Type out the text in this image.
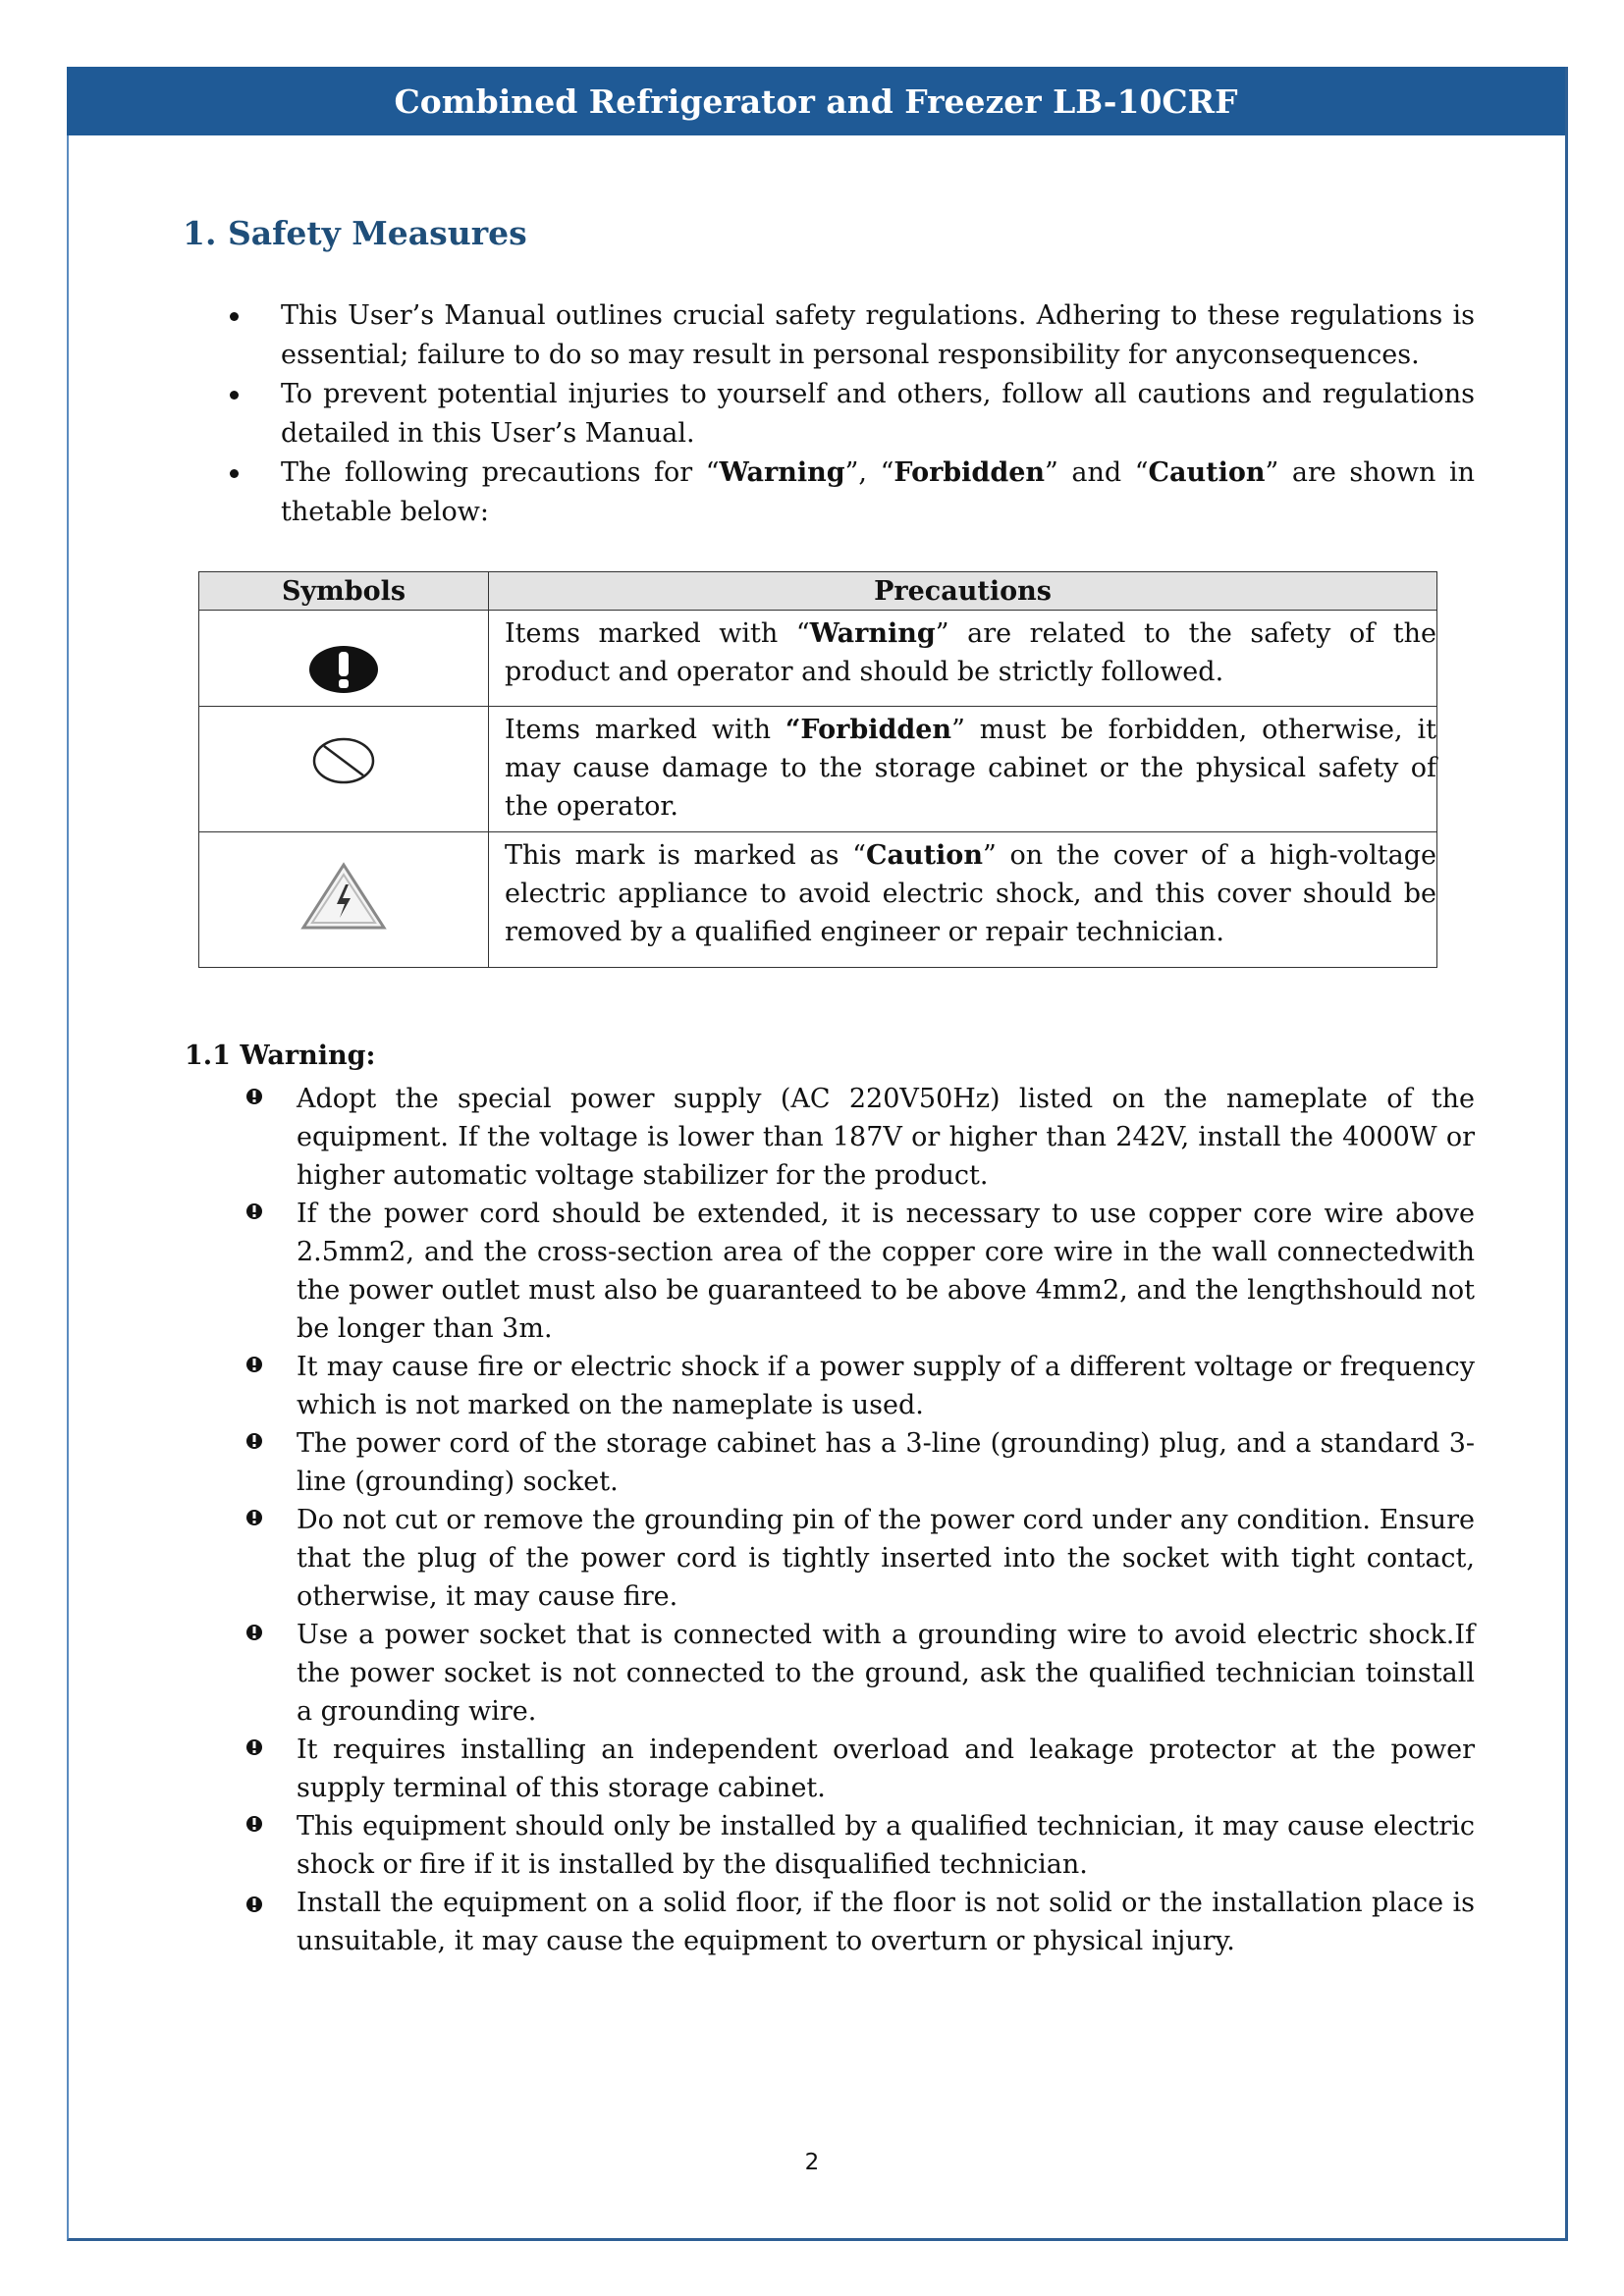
Combined Refrigerator and Freezer LB-10CRF
1. Safety Measures
This User’s Manual outlines crucial safety regulations. Adhering to these regulations is essential; failure to do so may result in personal responsibility for anyconsequences.
To prevent potential injuries to yourself and others, follow all cautions and regulations detailed in this User’s Manual.
The following precautions for “Warning”, “Forbidden” and “Caution” are shown in thetable below:
Symbols	Precautions
	Items marked with “Warning” are related to the safety of the product and operator and should be strictly followed.
	Items marked with “Forbidden” must be forbidden, otherwise, it may cause damage to the storage cabinet or the physical safety of the operator.
	This mark is marked as “Caution” on the cover of a high-voltage electric appliance to avoid electric shock, and this cover should be removed by a qualified engineer or repair technician.
1.1 Warning:
Adopt the special power supply (AC 220V50Hz) listed on the nameplate of the equipment. If the voltage is lower than 187V or higher than 242V, install the 4000W or higher automatic voltage stabilizer for the product.
If the power cord should be extended, it is necessary to use copper core wire above 2.5mm2, and the cross-section area of the copper core wire in the wall connectedwith the power outlet must also be guaranteed to be above 4mm2, and the lengthshould not be longer than 3m.
It may cause fire or electric shock if a power supply of a different voltage or frequency which is not marked on the nameplate is used.
The power cord of the storage cabinet has a 3-line (grounding) plug, and a standard 3-line (grounding) socket.
Do not cut or remove the grounding pin of the power cord under any condition. Ensure that the plug of the power cord is tightly inserted into the socket with tight contact, otherwise, it may cause fire.
Use a power socket that is connected with a grounding wire to avoid electric shock.If the power socket is not connected to the ground, ask the qualified technician toinstall a grounding wire.
It requires installing an independent overload and leakage protector at the power supply terminal of this storage cabinet.
This equipment should only be installed by a qualified technician, it may cause electric shock or fire if it is installed by the disqualified technician.
Install the equipment on a solid floor, if the floor is not solid or the installation place is unsuitable, it may cause the equipment to overturn or physical injury.
2
